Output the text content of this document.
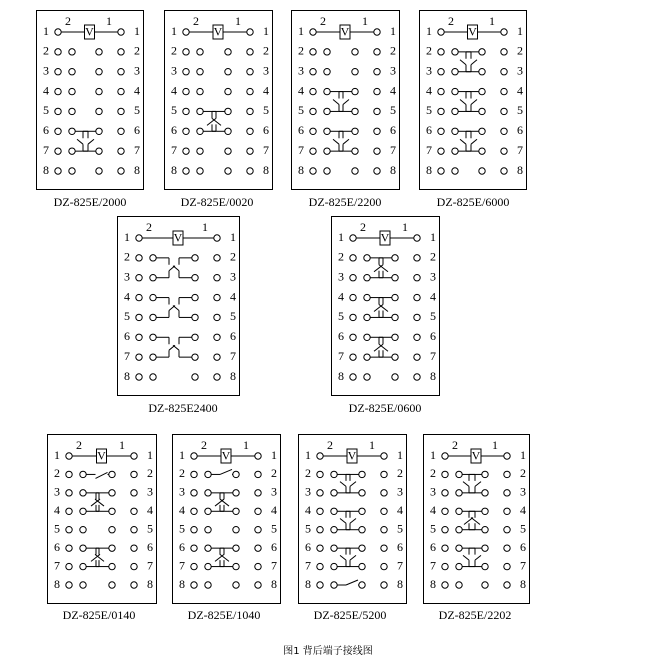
2	1
1	1
2	2
3	3
4	4
5	5
6	6
7	7
8	8
V
2	1
1	1
2	2
3	3
4	4
5	5
6	6
7	7
8	8
V
2	1
1	1
2	2
3	3
4	4
5	5
6	6
7	7
8	8
V
2	1
1	1
2	2
3	3
4	4
5	5
6	6
7	7
8	8
V
2	1
1	1
2	2
3	3
4	4
5	5
6	6
7	7
8	8
V
2	1
1	1
2	2
3	3
4	4
5	5
6	6
7	7
8	8
V
2	1
1	1
2	2
3	3
4	4
5	5
6	6
7	7
8	8
V
2	1
1	1
2	2
3	3
4	4
5	5
6	6
7	7
8	8
V
2	1
1	1
2	2
3	3
4	4
5	5
6	6
7	7
8	8
V
2	1
1	1
2	2
3	3
4	4
5	5
6	6
7	7
8	8
V
DZ-825E/2000	DZ-825E/0020	DZ-825E/2200	DZ-825E/6000
DZ-825E2400	DZ-825E/0600
DZ-825E/0140	DZ-825E/1040	DZ-825E/5200	DZ-825E/2202
图1 背后端子接线图
